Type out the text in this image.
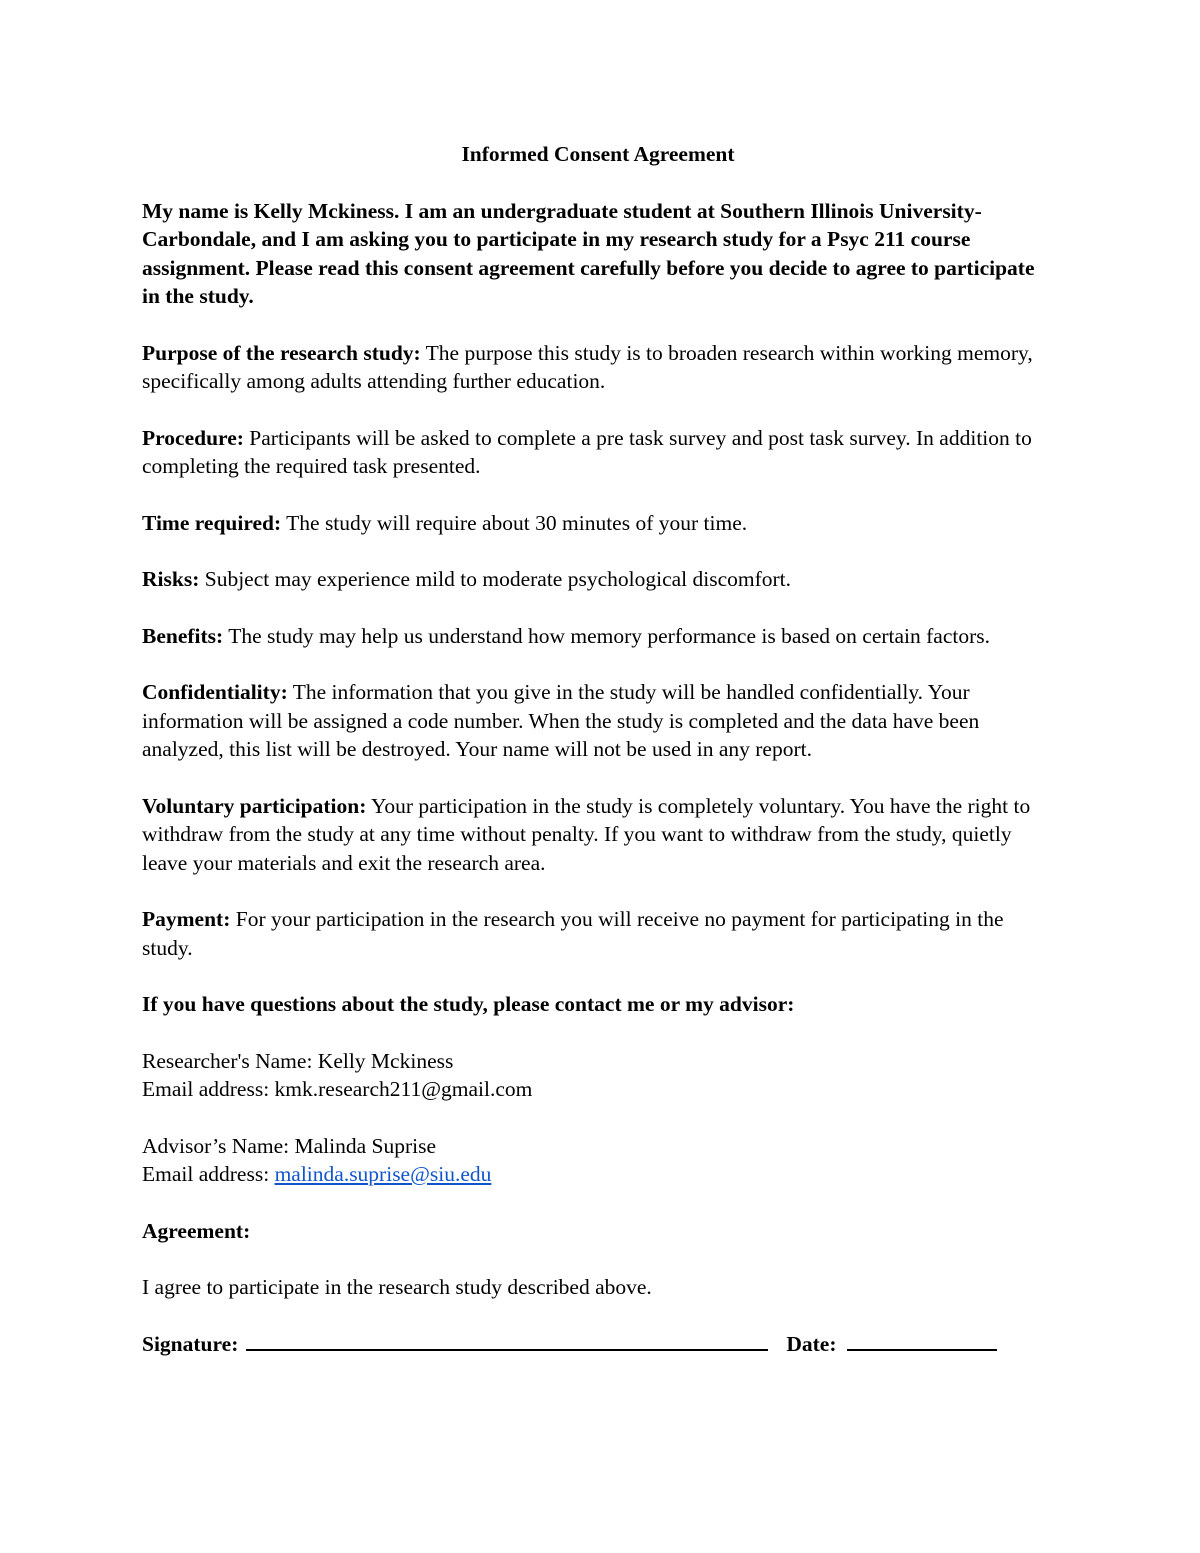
Informed Consent Agreement

My name is Kelly Mckiness. I am an undergraduate student at Southern Illinois University-Carbondale, and I am asking you to participate in my research study for a Psyc 211 course assignment. Please read this consent agreement carefully before you decide to agree to participate in the study.

Purpose of the research study: The purpose this study is to broaden research within working memory, specifically among adults attending further education.

Procedure: Participants will be asked to complete a pre task survey and post task survey. In addition to completing the required task presented.

Time required: The study will require about 30 minutes of your time.

Risks: Subject may experience mild to moderate psychological discomfort.

Benefits: The study may help us understand how memory performance is based on certain factors.

Confidentiality: The information that you give in the study will be handled confidentially. Your information will be assigned a code number. When the study is completed and the data have been analyzed, this list will be destroyed. Your name will not be used in any report.

Voluntary participation: Your participation in the study is completely voluntary. You have the right to withdraw from the study at any time without penalty. If you want to withdraw from the study, quietly leave your materials and exit the research area.

Payment: For your participation in the research you will receive no payment for participating in the study.

If you have questions about the study, please contact me or my advisor:

Researcher's Name: Kelly Mckiness

Email address: kmk.research211@gmail.com

Advisor’s Name: Malinda Suprise

Email address: malinda.suprise@siu.edu

Agreement:

I agree to participate in the research study described above.

Signature:	Date:
